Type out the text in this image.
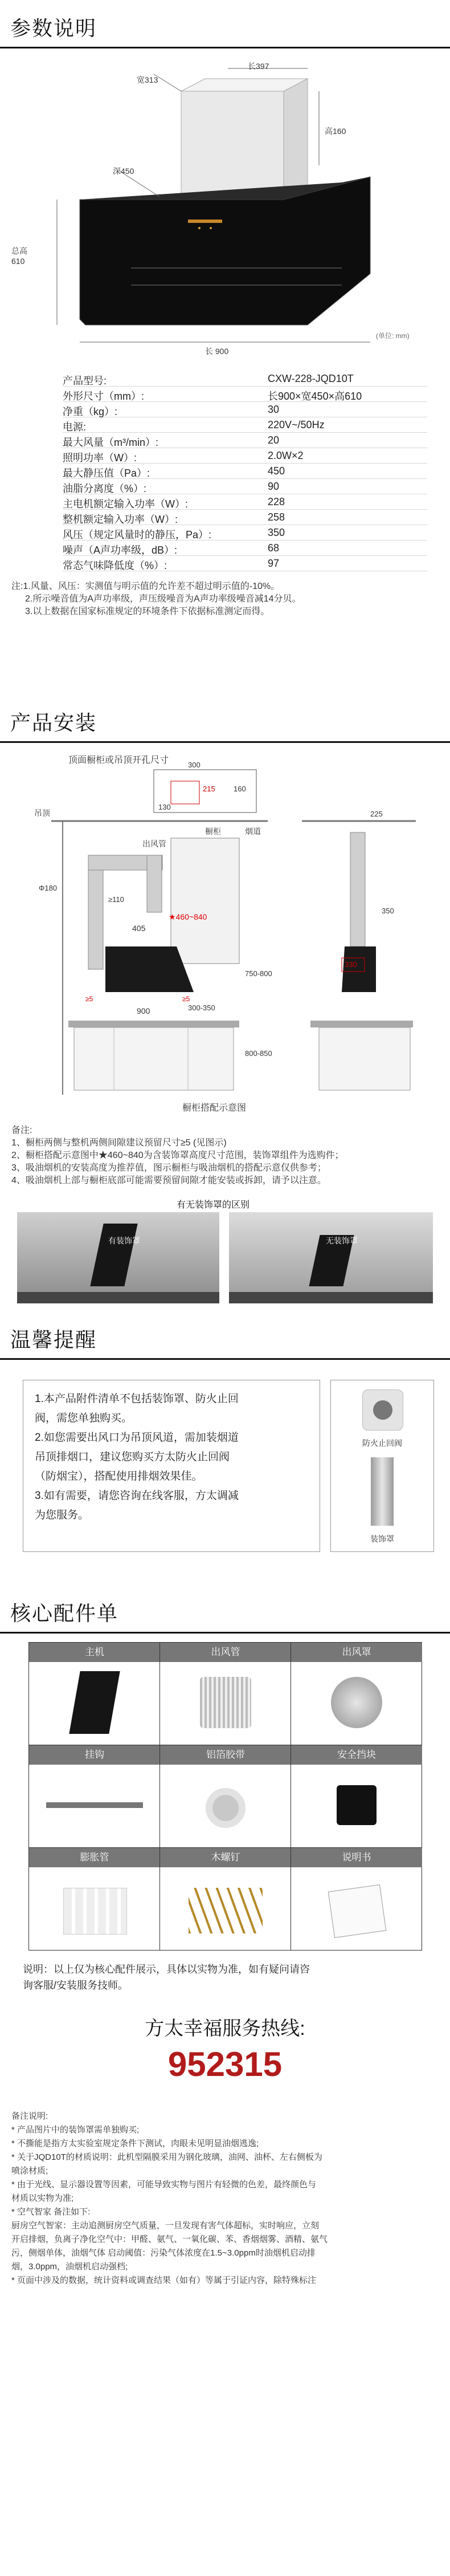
参数说明
长397
高160
深450
总高610
长 900
(单位: mm)
宽313
产品型号:	CXW-228-JQD10T
外形尺寸（mm）:	长900×宽450×高610
净重（kg）:	30
电源:	220V~/50Hz
最大风量（m³/min）:	20
照明功率（W）:	2.0W×2
最大静压值（Pa）:	450
油脂分离度（%）:	90
主电机额定输入功率（W）:	228
整机额定输入功率（W）:	258
风压（规定风量时的静压，Pa）:	350
噪声（A声功率级，dB）:	68
常态气味降低度（%）:	97
注:1.风量、风压：实测值与明示值的允许差不超过明示值的-10%。
2.所示噪音值为A声功率级，声压级噪音为A声功率级噪音减14分贝。
3.以上数据在国家标准规定的环境条件下依据标准测定而得。
产品安装
顶面橱柜或吊顶开孔尺寸
出风管
橱柜	烟道
吊顶
300
130
215 160
Φ180
≥110
405
★460~840
≥5	≥5
900
750-800
300-350
800-850
225
350
330
橱柜搭配示意图
备注:
1、橱柜两侧与整机两侧间隙建议预留尺寸≥5 (见图示)
2、橱柜搭配示意图中★460~840为含装饰罩高度尺寸范围，装饰罩组件为选购件；
3、吸油烟机的安装高度为推荐值，图示橱柜与吸油烟机的搭配示意仅供参考；
4、吸油烟机上部与橱柜底部可能需要预留间隙才能安装或拆卸，请予以注意。
有无装饰罩的区别
有装饰罩	无装饰罩
温馨提醒
1.本产品附件清单不包括装饰罩、防火止回
阀，需您单独购买。
2.如您需要出风口为吊顶风道，需加装烟道
吊顶排烟口，建议您购买方太防火止回阀
（防烟宝），搭配使用排烟效果佳。
3.如有需要，请您咨询在线客服，方太调减
为您服务。
防火止回阀
装饰罩
核心配件单
主机	出风管	出风罩
挂钩	铝箔胶带	安全挡块
膨胀管	木螺钉	说明书
说明：以上仅为核心配件展示，具体以实物为准，如有疑问请咨
询客服/安装服务技师。
方太幸福服务热线:
952315
备注说明:
* 产品图片中的装饰罩需单独购买;
* 不撕能是指方太实验室规定条件下测试，肉眼未见明显油烟逃逸;
* 关于JQD10T的材质说明：此机型隔膜采用为钢化玻璃，油网、油杯、左右侧板为
喷涂材质;
* 由于光线、显示器设置等因素，可能导致实物与图片有轻微的色差，最终颜色与
材质以实物为准;
* 空气智家 备注如下:
厨房空气智家：主动追测厨房空气质量，一旦发现有害气体超标，实时响应，立刻
开启排烟，负离子净化空气中：甲醛、氨气、一氧化碳、苯、香烟烟雾、酒精、氨气
污，侧烟单体，油烟气体 启动阈值：污染气体浓度在1.5~3.0ppm时油烟机启动排
烟，3.0ppm，油烟机启动强档;
* 页面中涉及的数据，统计资料或调查结果（如有）等属于引证内容，除特殊标注
